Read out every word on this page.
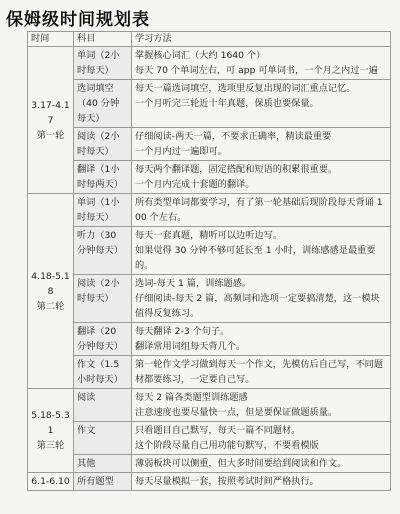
保姆级时间规划表
时间	科目	学习方法

3.17-4.17
第一轮	单词（2小时每天）	掌握核心词汇（大约 1640 个）
每天 70 个单词左右，可 app 可单词书，一个月之内过一遍

	选词填空（40 分钟每天）	每天一篇选词填空，选项里反复出现的词汇重点记忆。
一个月听完三轮近十年真题，保质也要保量。

	阅读（2小时每天）	仔细阅读-两天一篇，不要求正确率，精读最重要
一个月内过一遍即可。

	翻译（1小时每两天）	每天两个翻译题，固定搭配和短语的积累很重要。
一个月内完成十套题的翻译。

4.18-5.18
第二轮	单词（1小时每天）	所有类型单词都要学习，有了第一轮基础后现阶段每天背诵 100 个左右。

	听力（30 分钟每天）	每天一套真题，精听可以边听边写。
如果觉得 30 分钟不够可延长至 1 小时，训练感感是最重要的。

	阅读（2小时每天）	选词-每天 1 篇，训练题感。
仔细阅读-每天 2 篇，高频词和选项一定要搞清楚，这一模块值得反复练习。

	翻译（20 分钟每天）	每天翻译 2-3 个句子。
翻译常用词组每天背几个。

	作文（1.5小时每天）	第一轮作文学习做到每天一个作文，先模仿后自己写，不同题材都要练习，一定要自己写。

5.18-5.31
第三轮	阅读	每天 2 篇各类题型训练题感
注意速度也要尽量快一点，但是要保证做题质量。

	作文	只看题目自己默写，每天一篇不同题材。
这个阶段尽量自己用功能句默写，不要看模版

	其他	薄弱板块可以侧重，但大多时间要给到阅读和作文。

6.1-6.10	所有题型	每天尽量模拟一套，按照考试时间严格执行。
